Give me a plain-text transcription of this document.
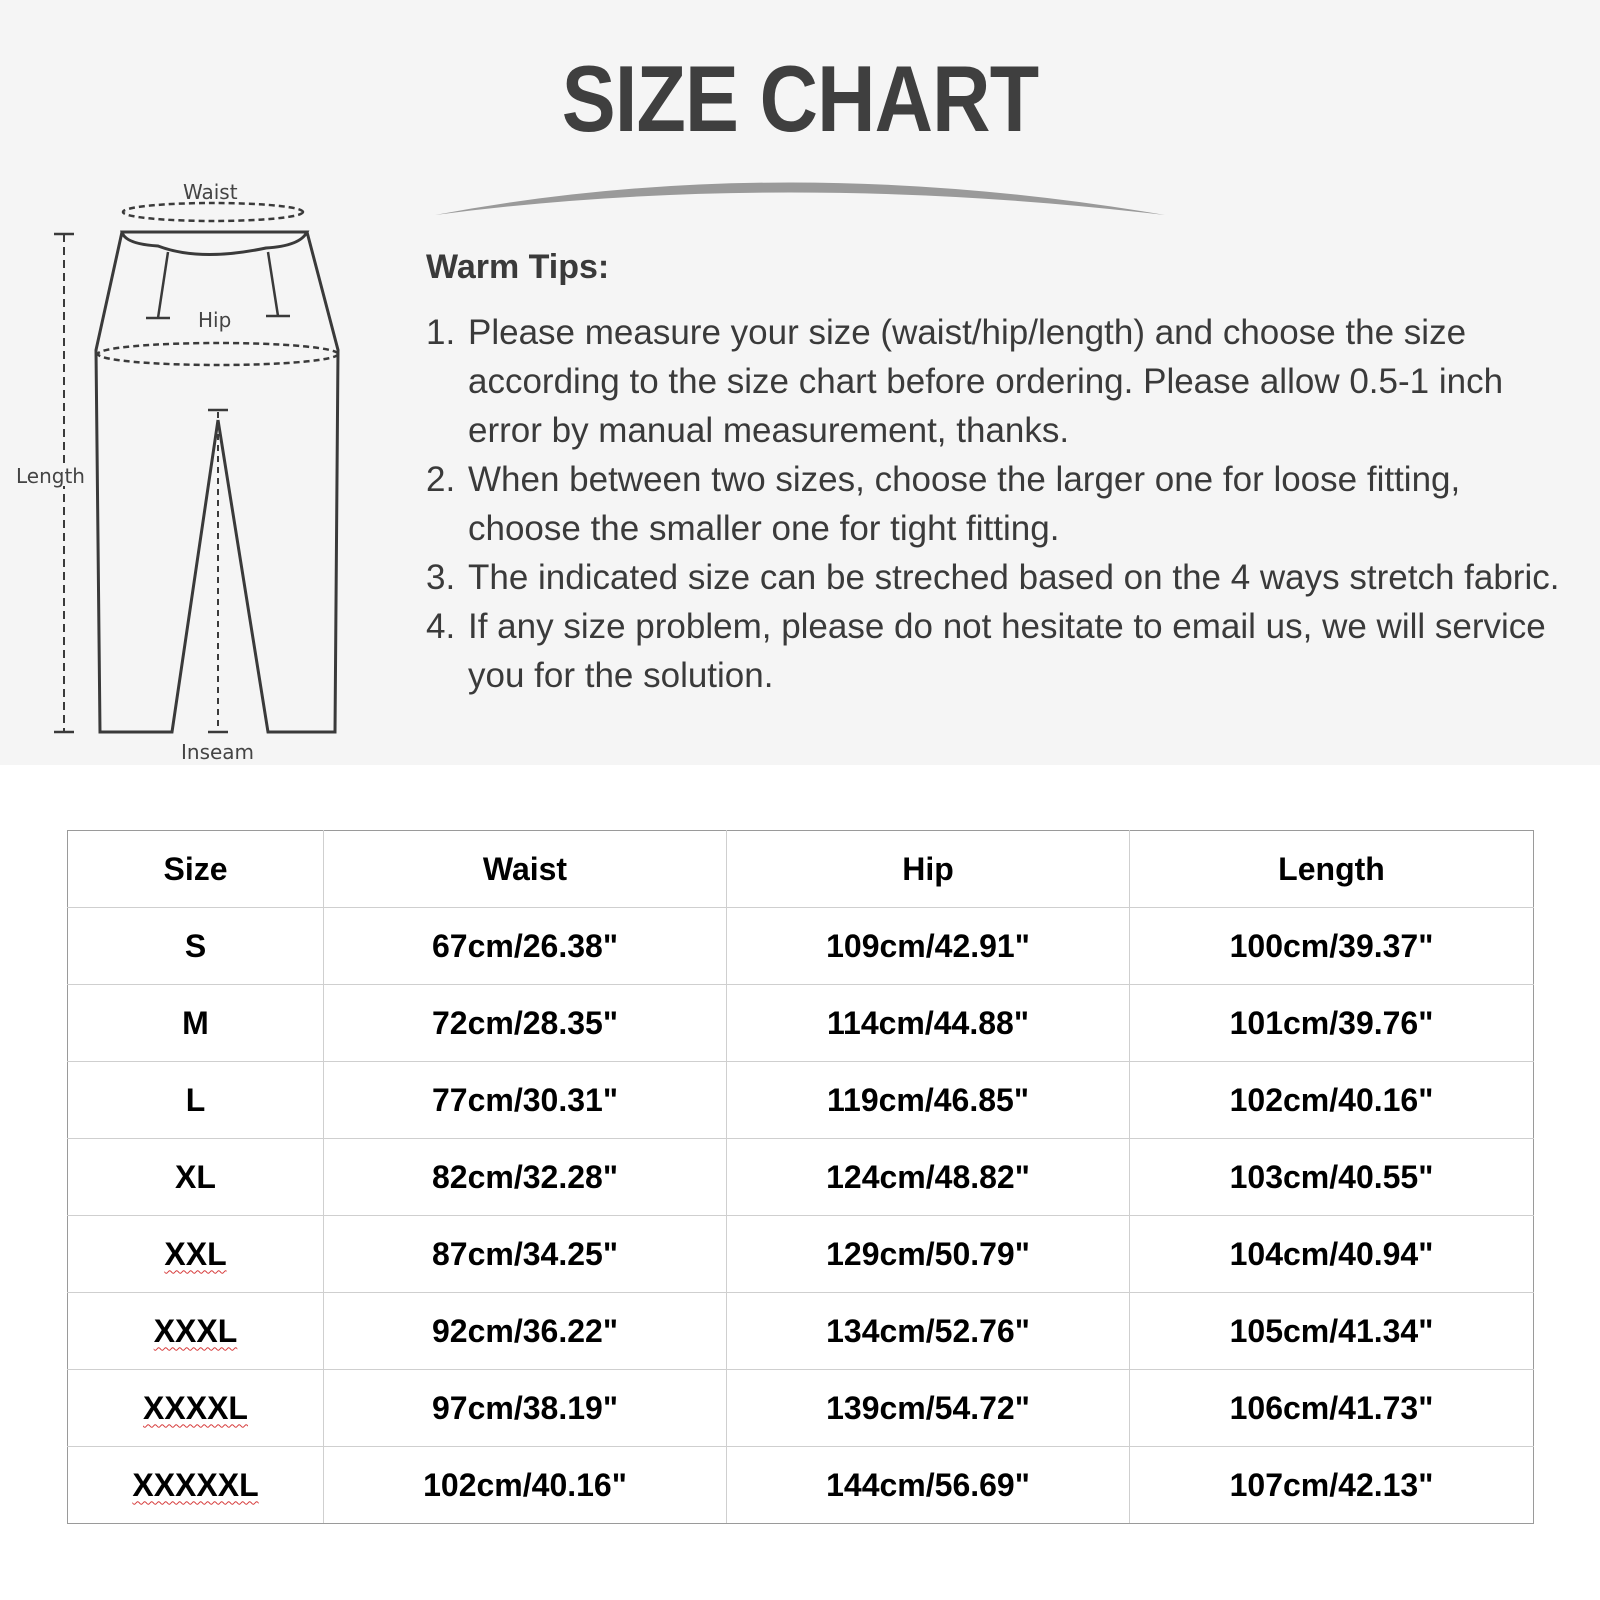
SIZE CHART
Waist
Hip
Length
Inseam
Warm Tips:
1. Please measure your size (waist/hip/length) and choose the size according to the size chart before ordering. Please allow 0.5-1 inch error by manual measurement, thanks.
2. When between two sizes, choose the larger one for loose fitting, choose the smaller one for tight fitting.
3. The indicated size can be streched based on the 4 ways stretch fabric.
4. If any size problem, please do not hesitate to email us, we will service you for the solution.
Size	Waist	Hip	Length
S	67cm/26.38"	109cm/42.91"	100cm/39.37"
M	72cm/28.35"	114cm/44.88"	101cm/39.76"
L	77cm/30.31"	119cm/46.85"	102cm/40.16"
XL	82cm/32.28"	124cm/48.82"	103cm/40.55"
XXL	87cm/34.25"	129cm/50.79"	104cm/40.94"
XXXL	92cm/36.22"	134cm/52.76"	105cm/41.34"
XXXXL	97cm/38.19"	139cm/54.72"	106cm/41.73"
XXXXXL	102cm/40.16"	144cm/56.69"	107cm/42.13"
